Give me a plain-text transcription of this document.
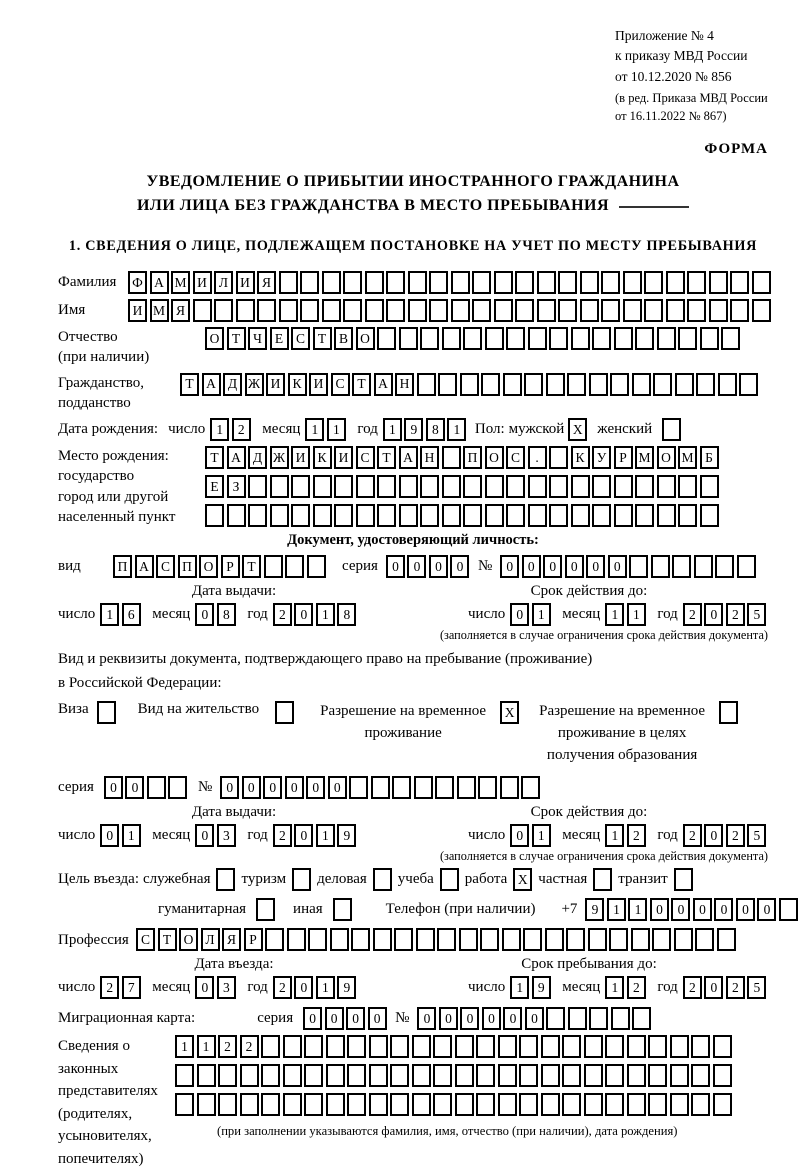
Приложение № 4
к приказу МВД России
от 10.12.2020 № 856
(в ред. Приказа МВД России
от 16.11.2022 № 867)
ФОРМА
УВЕДОМЛЕНИЕ О ПРИБЫТИИ ИНОСТРАННОГО ГРАЖДАНИНА
ИЛИ ЛИЦА БЕЗ ГРАЖДАНСТВА В МЕСТО ПРЕБЫВАНИЯ
1. СВЕДЕНИЯ О ЛИЦЕ, ПОДЛЕЖАЩЕМ ПОСТАНОВКЕ НА УЧЕТ ПО МЕСТУ ПРЕБЫВАНИЯ
Фамилия	Ф А М И Л И Я
Имя	И М Я
Отчество
(при наличии)
О Т Ч Е С Т В О
Гражданство,
подданство
Т А Д Ж И К И С Т А Н
Дата рождения: число 1	2	месяц 1	1	год 1	9	8	1 Пол: мужской X женский
Место рождения:
государство
город или другой
населенный пункт
Т А Д Ж И К И С Т А Н	П О С	.	К У Р М О М Б
Е	З
Документ, удостоверяющий личность:
вид	П А С П О Р	Т	серия	0	0	0	0 №	0	0	0	0	0	0
Дата выдачи:
число 1	6	месяц 0	8	год 2	0	1	8
Срок действия до:
число 0	1	месяц 1	1	год 2	0	2	5
(заполняется в случае ограничения срока действия документа)
Вид и реквизиты документа, подтверждающего право на пребывание (проживание)
в Российской Федерации:
Виза	Вид на жительство	Разрешение на временное проживание
X	Разрешение на временное проживание в целях получения образования
серия	0	0	№	0	0	0	0	0	0
Дата выдачи:
число 0	1	месяц 0	3	год 2	0	1	9
Срок действия до:
число 0	1	месяц 1	2	год 2	0	2	5
(заполняется в случае ограничения срока действия документа)
Цель въезда: служебная туризм деловая учеба работа X частная транзит
гуманитарная	иная	Телефон (при наличии) +7	9	1	1	0	0	0	0	0	0
Профессия С Т О Л Я Р
Дата въезда:
число 2	7	месяц 0	3	год 2	0	1	9
Срок пребывания до:
число 1	9	месяц 1	2	год 2	0	2	5
Миграционная карта:	серия	0	0	0	0 №	0	0	0	0	0	0
Сведения о
законных
представителях
(родителях,
усыновителях,
попечителях)
1	1	2	2
(при заполнении указываются фамилия, имя, отчество (при наличии), дата рождения)
